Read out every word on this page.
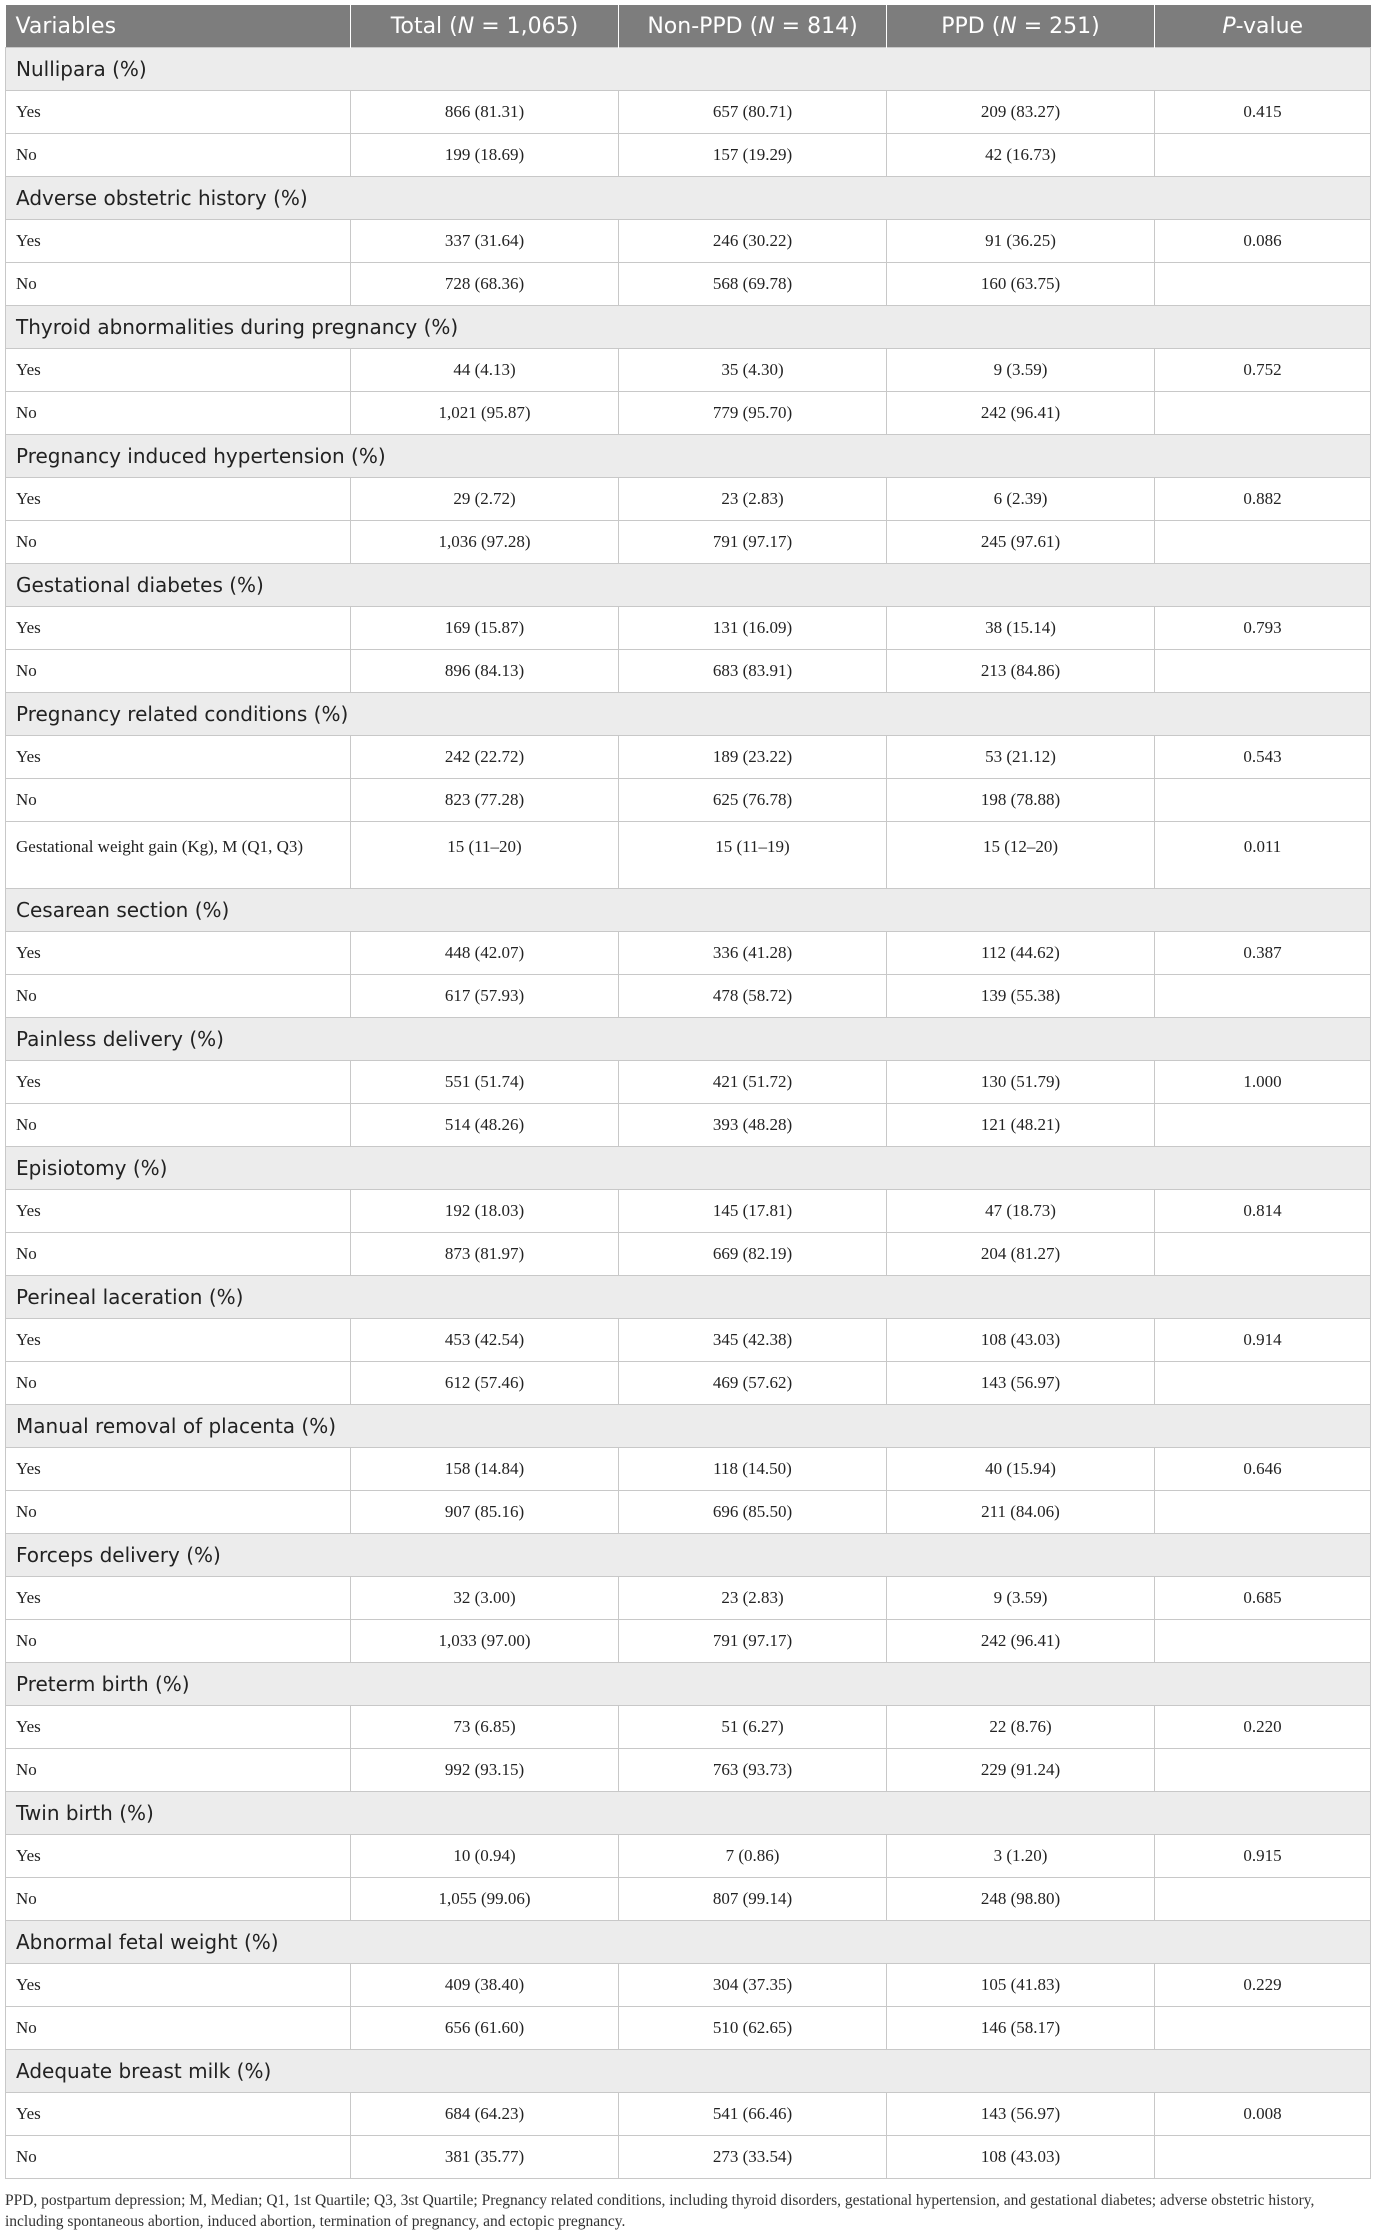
Variables	Total (N = 1,065)	Non-PPD (N = 814)	PPD (N = 251)	P-value
Nullipara (%)				
Yes	866 (81.31)	657 (80.71)	209 (83.27)	0.415
No	199 (18.69)	157 (19.29)	42 (16.73)	
Adverse obstetric history (%)				
Yes	337 (31.64)	246 (30.22)	91 (36.25)	0.086
No	728 (68.36)	568 (69.78)	160 (63.75)	
Thyroid abnormalities during pregnancy (%)				
Yes	44 (4.13)	35 (4.30)	9 (3.59)	0.752
No	1,021 (95.87)	779 (95.70)	242 (96.41)	
Pregnancy induced hypertension (%)				
Yes	29 (2.72)	23 (2.83)	6 (2.39)	0.882
No	1,036 (97.28)	791 (97.17)	245 (97.61)	
Gestational diabetes (%)				
Yes	169 (15.87)	131 (16.09)	38 (15.14)	0.793
No	896 (84.13)	683 (83.91)	213 (84.86)	
Pregnancy related conditions (%)				
Yes	242 (22.72)	189 (23.22)	53 (21.12)	0.543
No	823 (77.28)	625 (76.78)	198 (78.88)	
Gestational weight gain (Kg), M (Q1, Q3)	15 (11–20)	15 (11–19)	15 (12–20)	0.011
Cesarean section (%)				
Yes	448 (42.07)	336 (41.28)	112 (44.62)	0.387
No	617 (57.93)	478 (58.72)	139 (55.38)	
Painless delivery (%)				
Yes	551 (51.74)	421 (51.72)	130 (51.79)	1.000
No	514 (48.26)	393 (48.28)	121 (48.21)	
Episiotomy (%)				
Yes	192 (18.03)	145 (17.81)	47 (18.73)	0.814
No	873 (81.97)	669 (82.19)	204 (81.27)	
Perineal laceration (%)				
Yes	453 (42.54)	345 (42.38)	108 (43.03)	0.914
No	612 (57.46)	469 (57.62)	143 (56.97)	
Manual removal of placenta (%)				
Yes	158 (14.84)	118 (14.50)	40 (15.94)	0.646
No	907 (85.16)	696 (85.50)	211 (84.06)	
Forceps delivery (%)				
Yes	32 (3.00)	23 (2.83)	9 (3.59)	0.685
No	1,033 (97.00)	791 (97.17)	242 (96.41)	
Preterm birth (%)				
Yes	73 (6.85)	51 (6.27)	22 (8.76)	0.220
No	992 (93.15)	763 (93.73)	229 (91.24)	
Twin birth (%)				
Yes	10 (0.94)	7 (0.86)	3 (1.20)	0.915
No	1,055 (99.06)	807 (99.14)	248 (98.80)	
Abnormal fetal weight (%)				
Yes	409 (38.40)	304 (37.35)	105 (41.83)	0.229
No	656 (61.60)	510 (62.65)	146 (58.17)	
Adequate breast milk (%)				
Yes	684 (64.23)	541 (66.46)	143 (56.97)	0.008
No	381 (35.77)	273 (33.54)	108 (43.03)	
PPD, postpartum depression; M, Median; Q1, 1st Quartile; Q3, 3st Quartile; Pregnancy related conditions, including thyroid disorders, gestational hypertension, and gestational diabetes; adverse obstetric history, including spontaneous abortion, induced abortion, termination of pregnancy, and ectopic pregnancy.
